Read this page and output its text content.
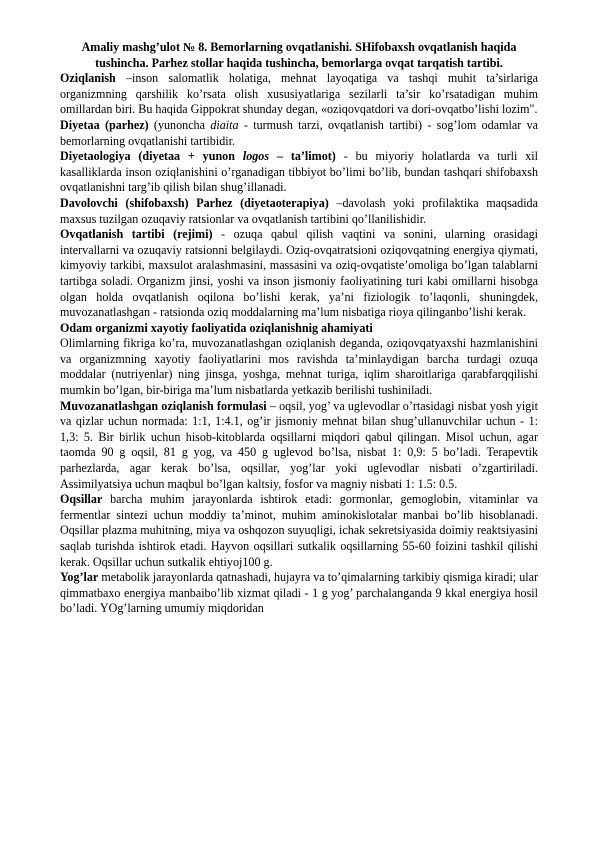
Amaliy mashg’ulot № 8. Bemorlarning ovqatlanishi. SHifobaxsh ovqatlanish haqida tushincha. Parhez stollar haqida tushincha, bemorlarga ovqat tarqatish tartibi.

Oziqlanish –inson salomatlik holatiga, mehnat layoqatiga va tashqi muhit ta’sirlariga organizmning qarshilik ko’rsata olish xususiyatlariga sezilarli ta’sir ko’rsatadigan muhim omillardan biri. Bu haqida Gippokrat shunday degan, «oziqovqatdori va dori-ovqatbo’lishi lozim".

Diyetaa (parhez) (yunoncha diaita - turmush tarzi, ovqatlanish tartibi) - sog’lom odamlar va bemorlarning ovqatlanishi tartibidir.

Diyetaologiya (diyetaa + yunon logos – ta’limot) - bu miyoriy holatlarda va turli xil kasalliklarda inson oziqlanishini o’rganadigan tibbiyot bo’limi bo’lib, bundan tashqari shifobaxsh ovqatlanishni targ’ib qilish bilan shug’illanadi.

Davolovchi (shifobaxsh) Parhez (diyetaoterapiya) –davolash yoki profilaktika maqsadida maxsus tuzilgan ozuqaviy ratsionlar va ovqatlanish tartibini qo’llanilishidir.

Ovqatlanish tartibi (rejimi) - ozuqa qabul qilish vaqtini va sonini, ularning orasidagi intervallarni va ozuqaviy ratsionni belgilaydi. Oziq-ovqatratsioni oziqovqatning energiya qiymati, kimyoviy tarkibi, maxsulot aralashmasini, massasini va oziq-ovqatiste’omoliga bo’lgan talablarni tartibga soladi. Organizm jinsi, yoshi va inson jismoniy faoliyatining turi kabi omillarni hisobga olgan holda ovqatlanish oqilona bo’lishi kerak, ya’ni fiziologik to’laqonli, shuningdek, muvozanatlashgan - ratsionda oziq moddalarning ma’lum nisbatiga rioya qilinganbo’lishi kerak.

Odam organizmi xayotiy faoliyatida oziqlanishnig ahamiyati

Olimlarning fikriga ko’ra, muvozanatlashgan oziqlanish deganda, oziqovqatyaxshi hazmlanishini va organizmning xayotiy faoliyatlarini mos ravishda ta’minlaydigan barcha turdagi ozuqa moddalar (nutriyenlar) ning jinsga, yoshga, mehnat turiga, iqlim sharoitlariga qarabfarqqilishi mumkin bo’lgan, bir-biriga ma’lum nisbatlarda yetkazib berilishi tushiniladi.

Muvozanatlashgan oziqlanish formulasi – oqsil, yog’ va uglevodlar o’rtasidagi nisbat yosh yigit va qizlar uchun normada: 1:1, 1:4.1, og’ir jismoniy mehnat bilan shug’ullanuvchilar uchun - 1: 1,3: 5. Bir birlik uchun hisob-kitoblarda oqsillarni miqdori qabul qilingan. Misol uchun, agar taomda 90 g oqsil, 81 g yog, va 450 g uglevod bo’lsa, nisbat 1: 0,9: 5 bo’ladi. Terapevtik parhezlarda, agar kerak bo’lsa, oqsillar, yog’lar yoki uglevodlar nisbati o’zgartiriladi. Assimilyatsiya uchun maqbul bo’lgan kaltsiy, fosfor va magniy nisbati 1: 1.5: 0.5.

Oqsillar barcha muhim jarayonlarda ishtirok etadi: gormonlar, gemoglobin, vitaminlar va fermentlar sintezi uchun moddiy ta’minot, muhim aminokislotalar manbai bo’lib hisoblanadi. Oqsillar plazma muhitning, miya va oshqozon suyuqligi, ichak sekretsiyasida doimiy reaktsiyasini saqlab turishda ishtirok etadi. Hayvon oqsillari sutkalik oqsillarning 55-60 foizini tashkil qilishi kerak. Oqsillar uchun sutkalik ehtiyoj100 g.

Yog’lar metabolik jarayonlarda qatnashadi, hujayra va to’qimalarning tarkibiy qismiga kiradi; ular qimmatbaxo energiya manbaibo’lib xizmat qiladi - 1 g yog’ parchalanganda 9 kkal energiya hosil bo’ladi. YOg’larning umumiy miqdoridan
